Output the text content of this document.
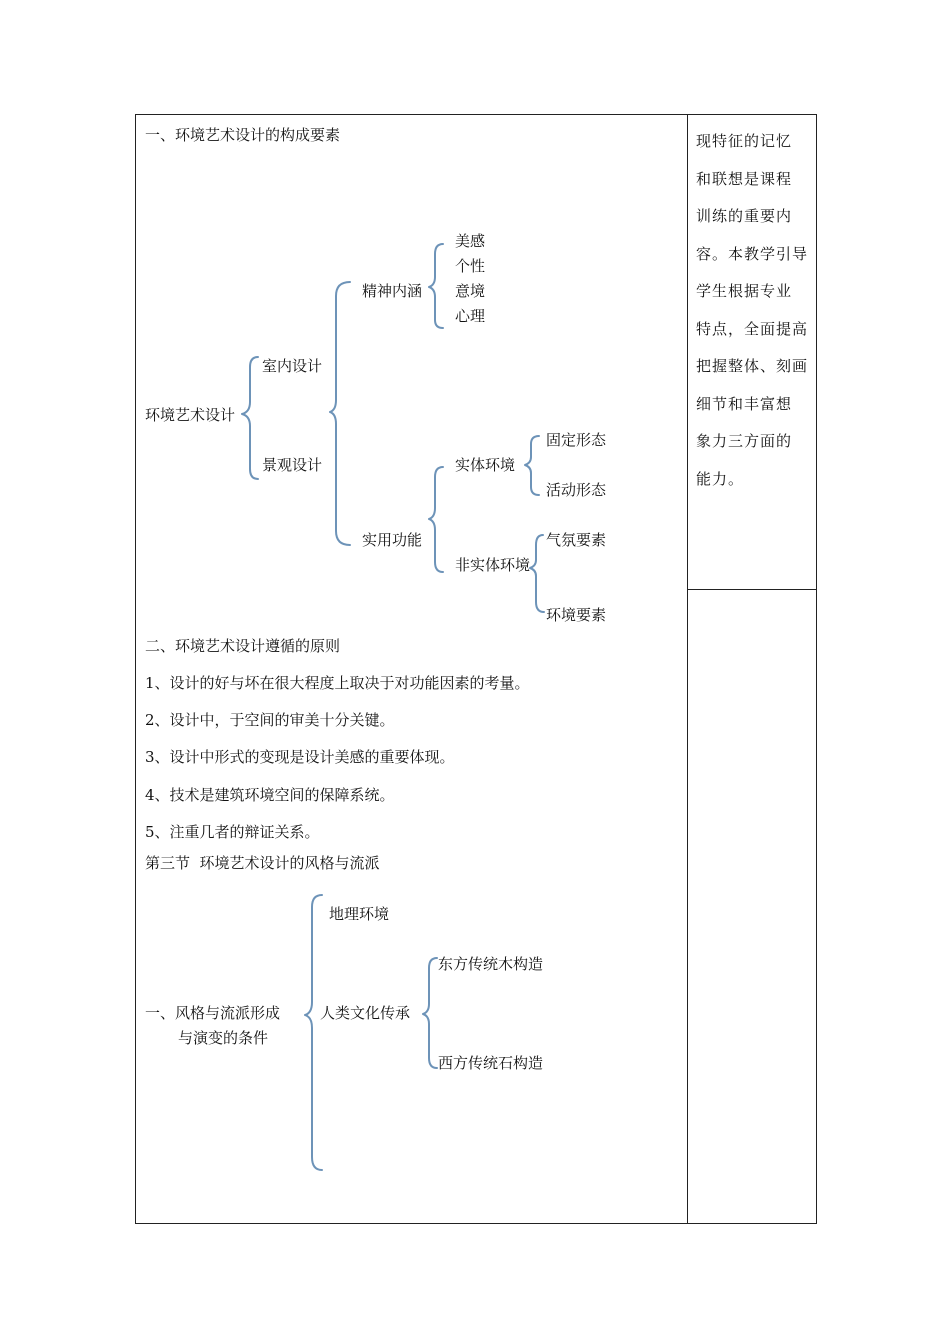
现特征的记忆
和联想是课程
训练的重要内
容。本教学引导
学生根据专业
特点，全面提高
把握整体、刻画
细节和丰富想
象力三方面的
能力。
一、环境艺术设计的构成要素
环境艺术设计
室内设计
景观设计
精神内涵
实用功能
美感
个性
意境
心理
实体环境
非实体环境
固定形态
活动形态
气氛要素
环境要素
二、环境艺术设计遵循的原则
1、设计的好与坏在很大程度上取决于对功能因素的考量。
2、设计中，于空间的审美十分关键。
3、设计中形式的变现是设计美感的重要体现。
4、技术是建筑环境空间的保障系统。
5、注重几者的辩证关系。
第三节  环境艺术设计的风格与流派
一、风格与流派形成
与演变的条件
地理环境
人类文化传承
东方传统木构造
西方传统石构造
